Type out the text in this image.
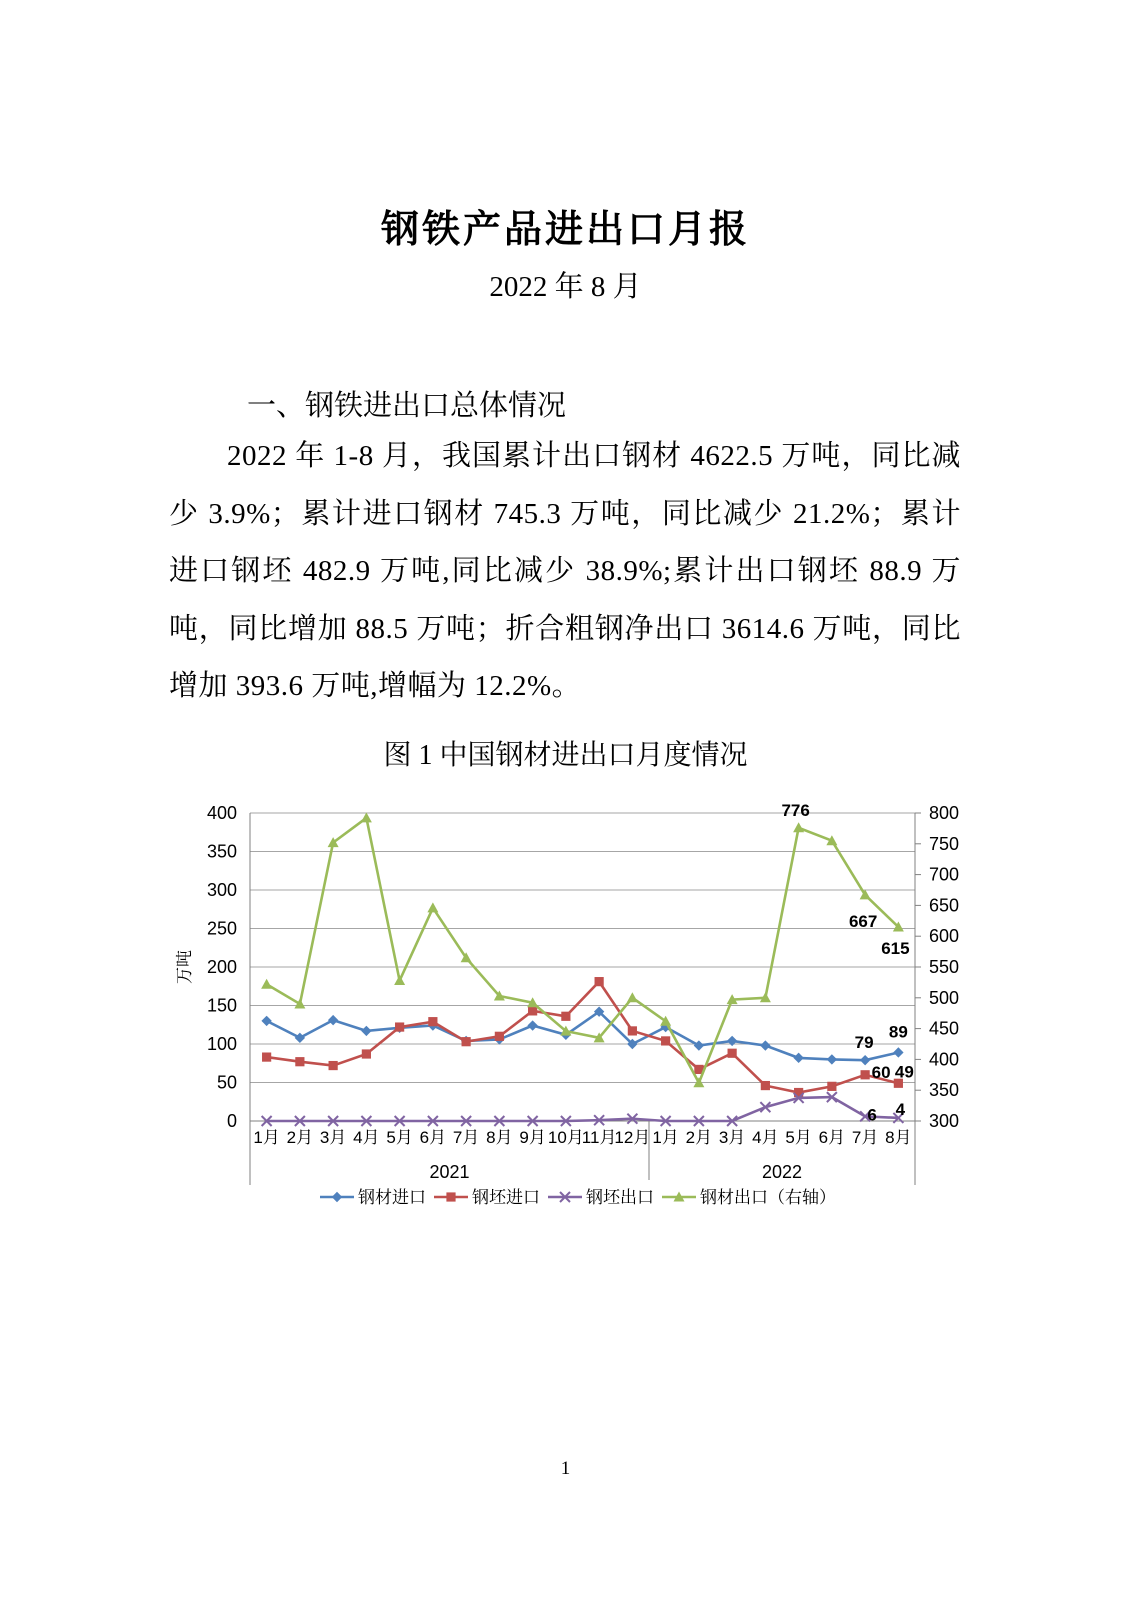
钢铁产品进出口月报
2022 年 8 月
一、钢铁进出口总体情况
2022 年 1-8 月，我国累计出口钢材 4622.5 万吨，同比减少 3.9%；累计进口钢材 745.3 万吨，同比减少 21.2%；累计进口钢坯 482.9 万吨,同比减少 38.9%;累计出口钢坯 88.9 万吨，同比增加 88.5 万吨；折合粗钢净出口 3614.6 万吨，同比增加 393.6 万吨,增幅为 12.2%。
图 1 中国钢材进出口月度情况
0
50
100
150
200
250
300
350
400
300
350
400
450
500
550
600
650
700
750
800
2021	2022
1月 2月 3月 4月 5月 6月 7月 8月 9月 10月
11月
12月 1月 2月 3月 4月 5月 6月 7月 8月
万吨
79
89
60 49
6 4
776
667
615
钢材进口	钢坯进口	钢坯出口	钢材出口（右轴）
1
